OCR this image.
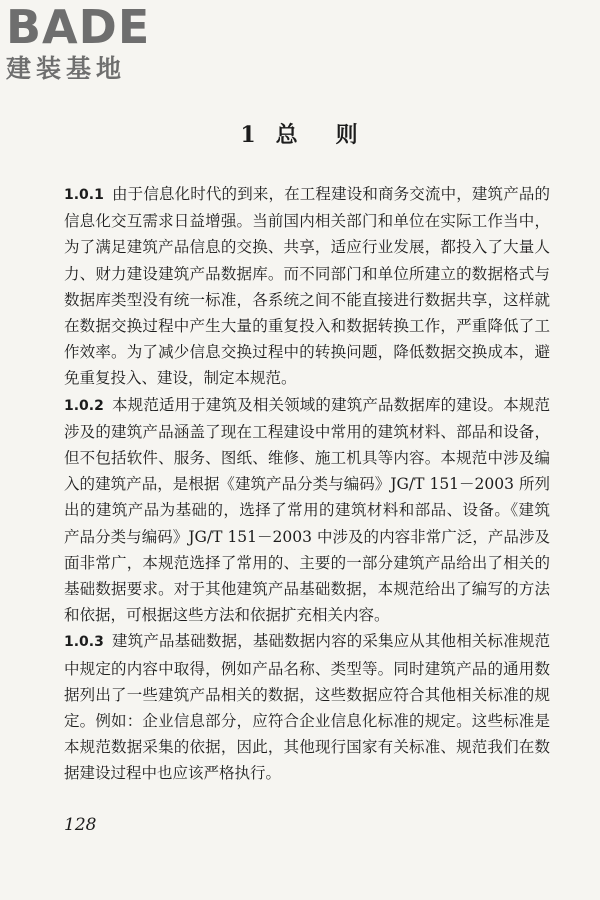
BADE
建装基地
1 总 则

1.0.1 由于信息化时代的到来，在工程建设和商务交流中，建筑产品的信息化交互需求日益增强。当前国内相关部门和单位在实际工作当中，为了满足建筑产品信息的交换、共享，适应行业发展，都投入了大量人力、财力建设建筑产品数据库。而不同部门和单位所建立的数据格式与数据库类型没有统一标准，各系统之间不能直接进行数据共享，这样就在数据交换过程中产生大量的重复投入和数据转换工作，严重降低了工作效率。为了减少信息交换过程中的转换问题，降低数据交换成本，避免重复投入、建设，制定本规范。

1.0.2 本规范适用于建筑及相关领域的建筑产品数据库的建设。本规范涉及的建筑产品涵盖了现在工程建设中常用的建筑材料、部品和设备，但不包括软件、服务、图纸、维修、施工机具等内容。本规范中涉及编入的建筑产品，是根据《建筑产品分类与编码》JG/T 151－2003 所列出的建筑产品为基础的，选择了常用的建筑材料和部品、设备。《建筑产品分类与编码》JG/T 151－2003 中涉及的内容非常广泛，产品涉及面非常广，本规范选择了常用的、主要的一部分建筑产品给出了相关的基础数据要求。对于其他建筑产品基础数据，本规范给出了编写的方法和依据，可根据这些方法和依据扩充相关内容。

1.0.3 建筑产品基础数据，基础数据内容的采集应从其他相关标准规范中规定的内容中取得，例如产品名称、类型等。同时建筑产品的通用数据列出了一些建筑产品相关的数据，这些数据应符合其他相关标准的规定。例如：企业信息部分，应符合企业信息化标准的规定。这些标准是本规范数据采集的依据，因此，其他现行国家有关标准、规范我们在数据建设过程中也应该严格执行。

128
